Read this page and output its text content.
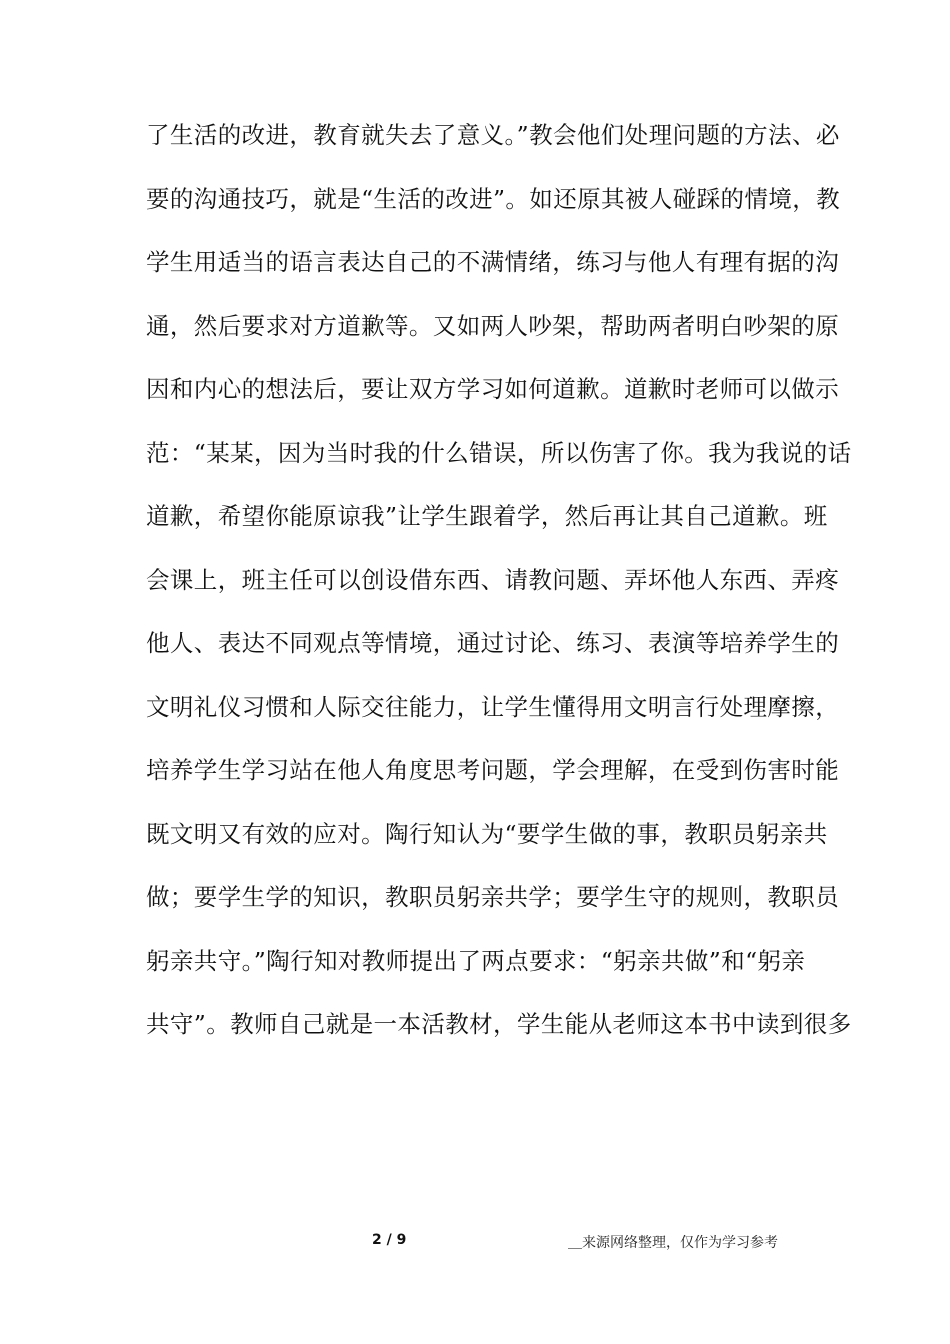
了生活的改进，教育就失去了意义。”教会他们处理问题的方法、必
要的沟通技巧，就是“生活的改进”。如还原其被人碰踩的情境，教
学生用适当的语言表达自己的不满情绪，练习与他人有理有据的沟
通，然后要求对方道歉等。又如两人吵架，帮助两者明白吵架的原
因和内心的想法后，要让双方学习如何道歉。道歉时老师可以做示
范：“某某，因为当时我的什么错误，所以伤害了你。我为我说的话
道歉，希望你能原谅我”让学生跟着学，然后再让其自己道歉。班
会课上，班主任可以创设借东西、请教问题、弄坏他人东西、弄疼
他人、表达不同观点等情境，通过讨论、练习、表演等培养学生的
文明礼仪习惯和人际交往能力，让学生懂得用文明言行处理摩擦，
培养学生学习站在他人角度思考问题，学会理解，在受到伤害时能
既文明又有效的应对。陶行知认为“要学生做的事，教职员躬亲共
做；要学生学的知识，教职员躬亲共学；要学生守的规则，教职员
躬亲共守。”陶行知对教师提出了两点要求：“躬亲共做”和“躬亲
共守”。教师自己就是一本活教材，学生能从老师这本书中读到很多
2 / 9	＿来源网络整理，仅作为学习参考
